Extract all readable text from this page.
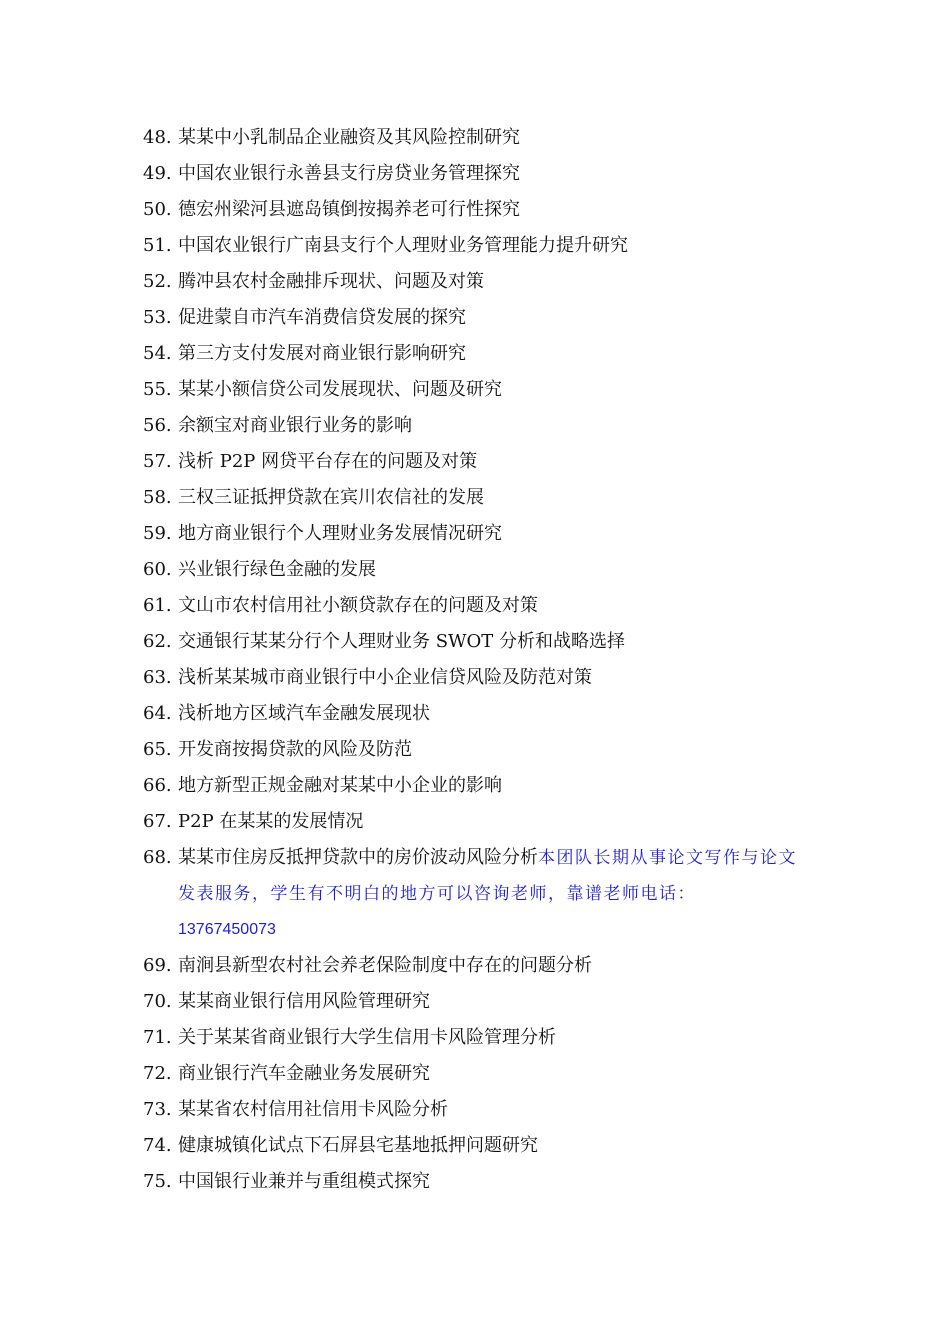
48. 某某中小乳制品企业融资及其风险控制研究
49. 中国农业银行永善县支行房贷业务管理探究
50. 德宏州梁河县遮岛镇倒按揭养老可行性探究
51. 中国农业银行广南县支行个人理财业务管理能力提升研究
52. 腾冲县农村金融排斥现状、问题及对策
53. 促进蒙自市汽车消费信贷发展的探究
54. 第三方支付发展对商业银行影响研究
55. 某某小额信贷公司发展现状、问题及研究
56. 余额宝对商业银行业务的影响
57. 浅析 P2P 网贷平台存在的问题及对策
58. 三权三证抵押贷款在宾川农信社的发展
59. 地方商业银行个人理财业务发展情况研究
60. 兴业银行绿色金融的发展
61. 文山市农村信用社小额贷款存在的问题及对策
62. 交通银行某某分行个人理财业务 SWOT 分析和战略选择
63. 浅析某某城市商业银行中小企业信贷风险及防范对策
64. 浅析地方区域汽车金融发展现状
65. 开发商按揭贷款的风险及防范
66. 地方新型正规金融对某某中小企业的影响
67. P2P 在某某的发展情况
68. 某某市住房反抵押贷款中的房价波动风险分析本团队长期从事论文写作与论文发表服务，学生有不明白的地方可以咨询老师，靠谱老师电话：
13767450073
69. 南涧县新型农村社会养老保险制度中存在的问题分析
70. 某某商业银行信用风险管理研究
71. 关于某某省商业银行大学生信用卡风险管理分析
72. 商业银行汽车金融业务发展研究
73. 某某省农村信用社信用卡风险分析
74. 健康城镇化试点下石屏县宅基地抵押问题研究
75. 中国银行业兼并与重组模式探究
